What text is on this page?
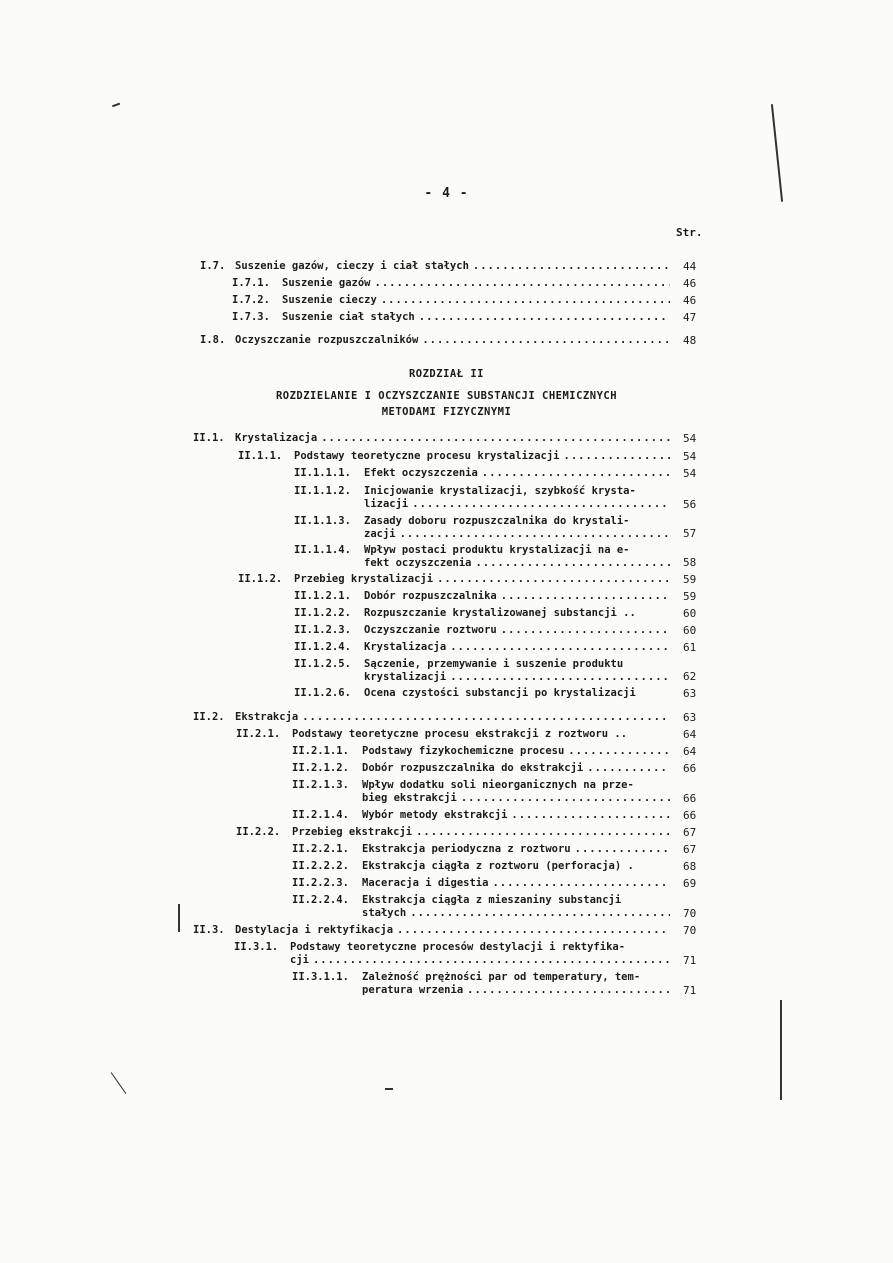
- 4 -
Str.
I.7. Suszenie gazów, cieczy i ciał stałych .....	44
I.7.1.	Suszenie gazów .....	46
I.7.2.	Suszenie cieczy .....	46
I.7.3.	Suszenie ciał stałych .....	47
I.8. Oczyszczanie rozpuszczalników .....	48
ROZDZIAŁ II
ROZDZIELANIE I OCZYSZCZANIE SUBSTANCJI CHEMICZNYCH
METODAMI FIZYCZNYMI
II.1. Krystalizacja .....	54
II.1.1.	Podstawy teoretyczne procesu krystalizacji .....	54
II.1.1.1.	Efekt oczyszczenia .....	54
II.1.1.2.	Inicjowanie krystalizacji, szybkość krysta-
lizacji .....	56
II.1.1.3.	Zasady doboru rozpuszczalnika do krystali-
zacji .....	57
II.1.1.4.	Wpływ postaci produktu krystalizacji na e-
fekt oczyszczenia .....	58
II.1.2.	Przebieg krystalizacji .....	59
II.1.2.1.	Dobór rozpuszczalnika .....	59
II.1.2.2.	Rozpuszczanie krystalizowanej substancji ..	60
II.1.2.3.	Oczyszczanie roztworu .....	60
II.1.2.4.	Krystalizacja .....	61
II.1.2.5.	Sączenie, przemywanie i suszenie produktu
krystalizacji .....	62
II.1.2.6.	Ocena czystości substancji po krystalizacji	63
II.2. Ekstrakcja .....	63
II.2.1.	Podstawy teoretyczne procesu ekstrakcji z roztworu ..	64
II.2.1.1.	Podstawy fizykochemiczne procesu .....	64
II.2.1.2.	Dobór rozpuszczalnika do ekstrakcji .....	66
II.2.1.3.	Wpływ dodatku soli nieorganicznych na prze-
bieg ekstrakcji .....	66
II.2.1.4.	Wybór metody ekstrakcji .....	66
II.2.2.	Przebieg ekstrakcji .....	67
II.2.2.1.	Ekstrakcja periodyczna z roztworu .....	67
II.2.2.2.	Ekstrakcja ciągła z roztworu (perforacja) .	68
II.2.2.3.	Maceracja i digestia .....	69
II.2.2.4.	Ekstrakcja ciągła z mieszaniny substancji
stałych .....	70
II.3. Destylacja i rektyfikacja .....	70
II.3.1.	Podstawy teoretyczne procesów destylacji i rektyfika-
cji .....	71
II.3.1.1.	Zależność prężności par od temperatury, tem-
peratura wrzenia .....	71
